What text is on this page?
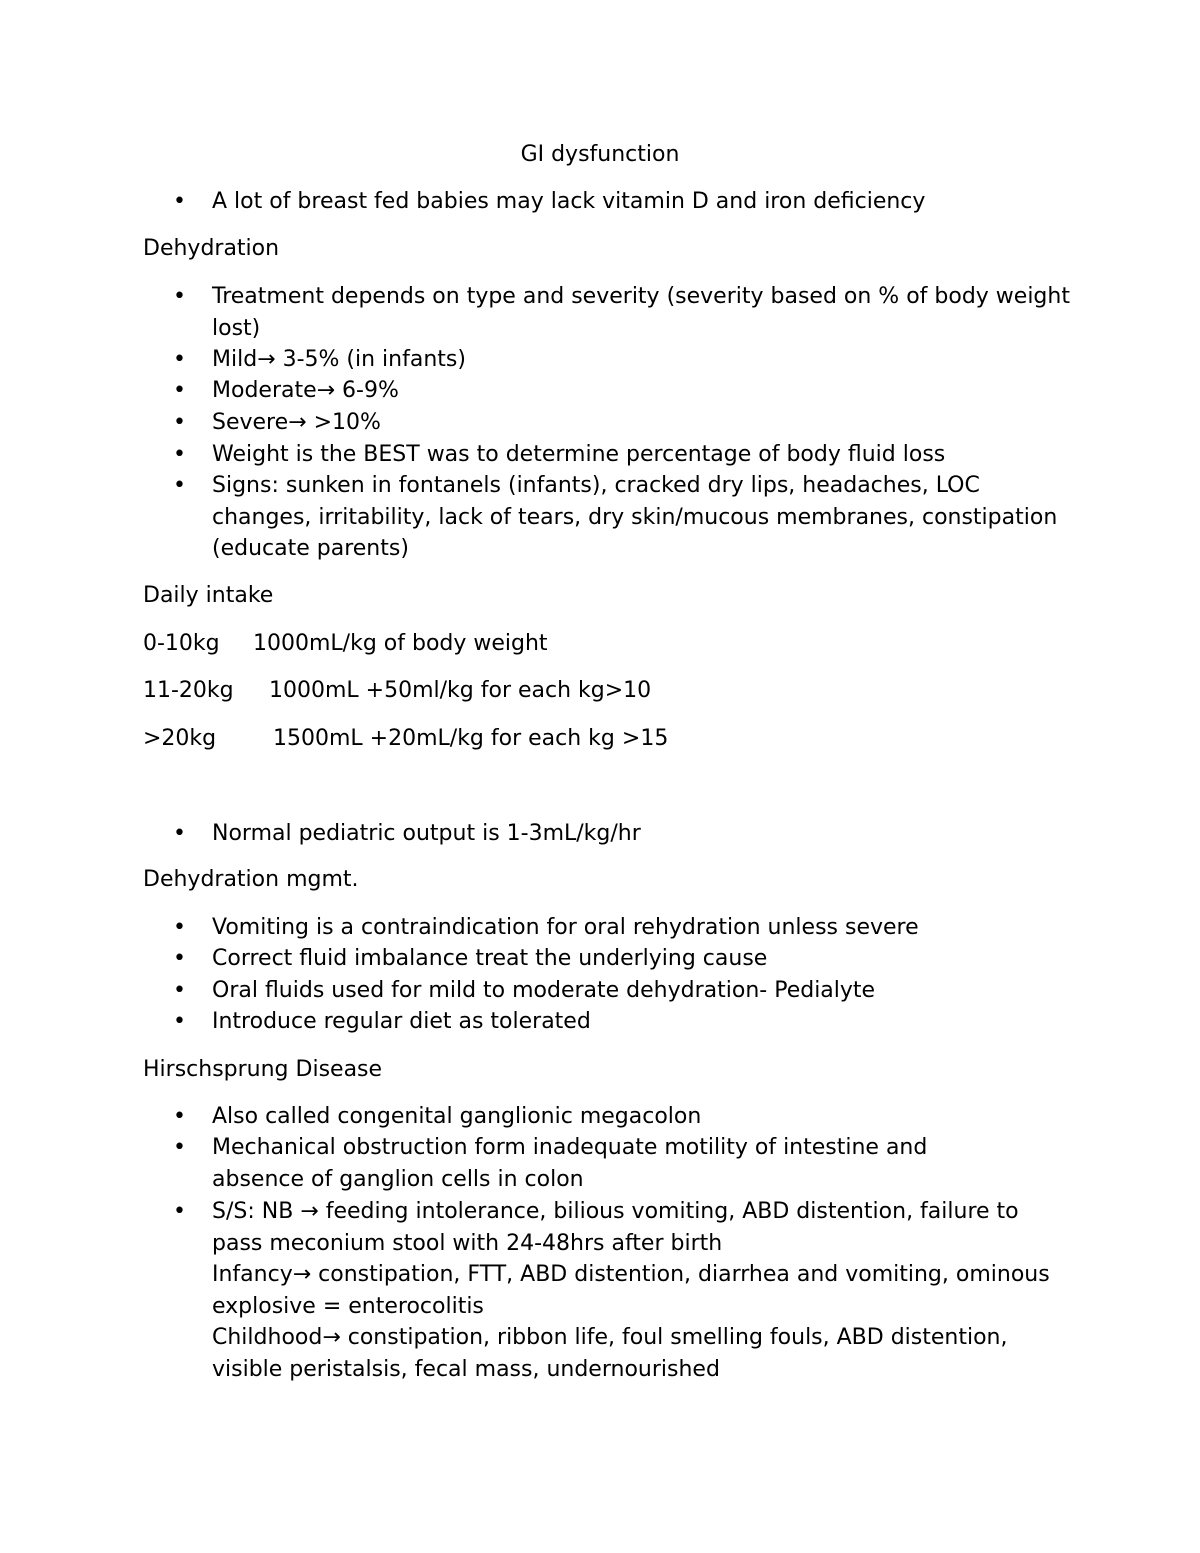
GI dysfunction
• A lot of breast fed babies may lack vitamin D and iron deficiency
Dehydration
• Treatment depends on type and severity (severity based on % of body weight lost)
• Mild→ 3-5% (in infants)
• Moderate→ 6-9%
• Severe→ >10%
• Weight is the BEST was to determine percentage of body fluid loss
• Signs: sunken in fontanels (infants), cracked dry lips, headaches, LOC changes, irritability, lack of tears, dry skin/mucous membranes, constipation (educate parents)
Daily intake
0-10kg 1000mL/kg of body weight
11-20kg 1000mL +50ml/kg for each kg>10
>20kg	1500mL +20mL/kg for each kg >15
• Normal pediatric output is 1-3mL/kg/hr
Dehydration mgmt.
• Vomiting is a contraindication for oral rehydration unless severe
• Correct fluid imbalance treat the underlying cause
• Oral fluids used for mild to moderate dehydration- Pedialyte
• Introduce regular diet as tolerated
Hirschsprung Disease
• Also called congenital ganglionic megacolon
• Mechanical obstruction form inadequate motility of intestine and absence of ganglion cells in colon
• S/S: NB → feeding intolerance, bilious vomiting, ABD distention, failure to pass meconium stool with 24-48hrs after birth
Infancy→ constipation, FTT, ABD distention, diarrhea and vomiting, ominous explosive = enterocolitis
Childhood→ constipation, ribbon life, foul smelling fouls, ABD distention, visible peristalsis, fecal mass, undernourished
